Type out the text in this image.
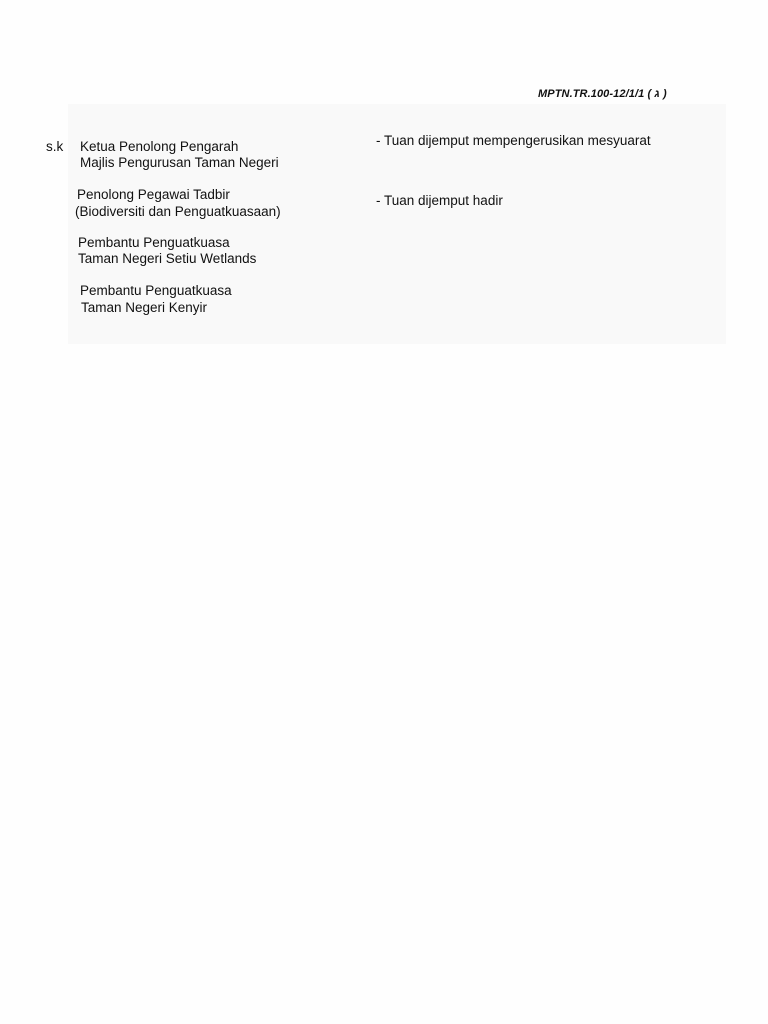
MPTN.TR.100-12/1/1 ( ג )
s.k Ketua Penolong Pengarah
Majlis Pengurusan Taman Negeri
- Tuan dijemput mempengerusikan mesyuarat
Penolong Pegawai Tadbir
(Biodiversiti dan Penguatkuasaan)
- Tuan dijemput hadir
Pembantu Penguatkuasa
Taman Negeri Setiu Wetlands
Pembantu Penguatkuasa
Taman Negeri Kenyir
